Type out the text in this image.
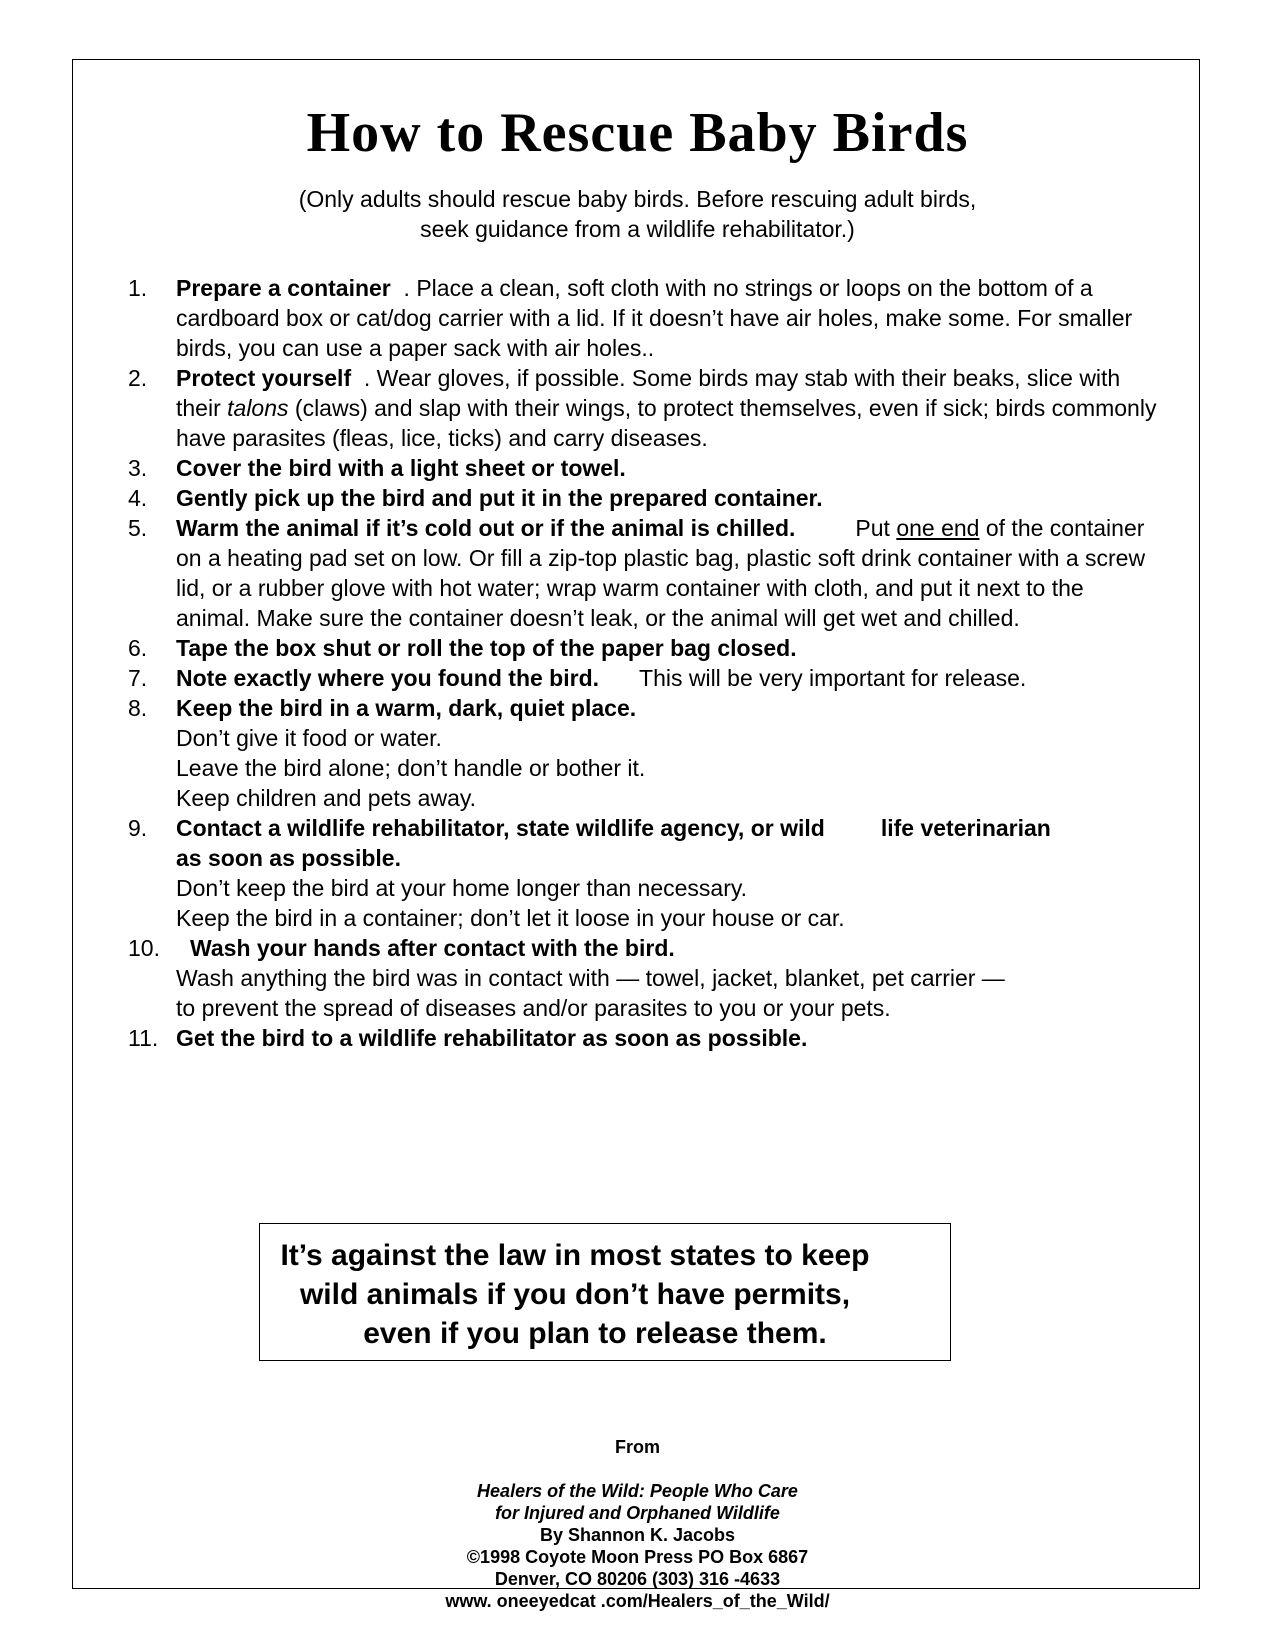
How to Rescue Baby Birds
(Only adults should rescue baby birds. Before rescuing adult birds,
seek guidance from a wildlife rehabilitator.)
1. Prepare a container . Place a clean, soft cloth with no strings or loops on the bottom of a cardboard box or cat/dog carrier with a lid. If it doesn’t have air holes, make some. For smaller birds, you can use a paper sack with air holes..
2. Protect yourself . Wear gloves, if possible. Some birds may stab with their beaks, slice with their talons (claws) and slap with their wings, to protect themselves, even if sick; birds commonly have parasites (fleas, lice, ticks) and carry diseases.
3. Cover the bird with a light sheet or towel.
4. Gently pick up the bird and put it in the prepared container.
5. Warm the animal if it’s cold out or if the animal is chilled.	Put one end of the container on a heating pad set on low. Or fill a zip-top plastic bag, plastic soft drink container with a screw lid, or a rubber glove with hot water; wrap warm container with cloth, and put it next to the animal. Make sure the container doesn’t leak, or the animal will get wet and chilled.
6. Tape the box shut or roll the top of the paper bag closed.
7. Note exactly where you found the bird. This will be very important for release.
8. Keep the bird in a warm, dark, quiet place.
Don’t give it food or water.
Leave the bird alone; don’t handle or bother it.
Keep children and pets away.
9. Contact a wildlife rehabilitator, state wildlife agency, or wild life veterinarian
as soon as possible.
Don’t keep the bird at your home longer than necessary.
Keep the bird in a container; don’t let it loose in your house or car.
10. Wash your hands after contact with the bird.
Wash anything the bird was in contact with — towel, jacket, blanket, pet carrier —
to prevent the spread of diseases and/or parasites to you or your pets.
11. Get the bird to a wildlife rehabilitator as soon as possible.
It’s against the law in most states to keep
wild animals if you don’t have permits,
even if you plan to release them.
From

Healers of the Wild: People Who Care
for Injured and Orphaned Wildlife
By Shannon K. Jacobs
©1998 Coyote Moon Press PO Box 6867
Denver, CO 80206 (303) 316 -4633
www. oneeyedcat .com/Healers_of_the_Wild/
